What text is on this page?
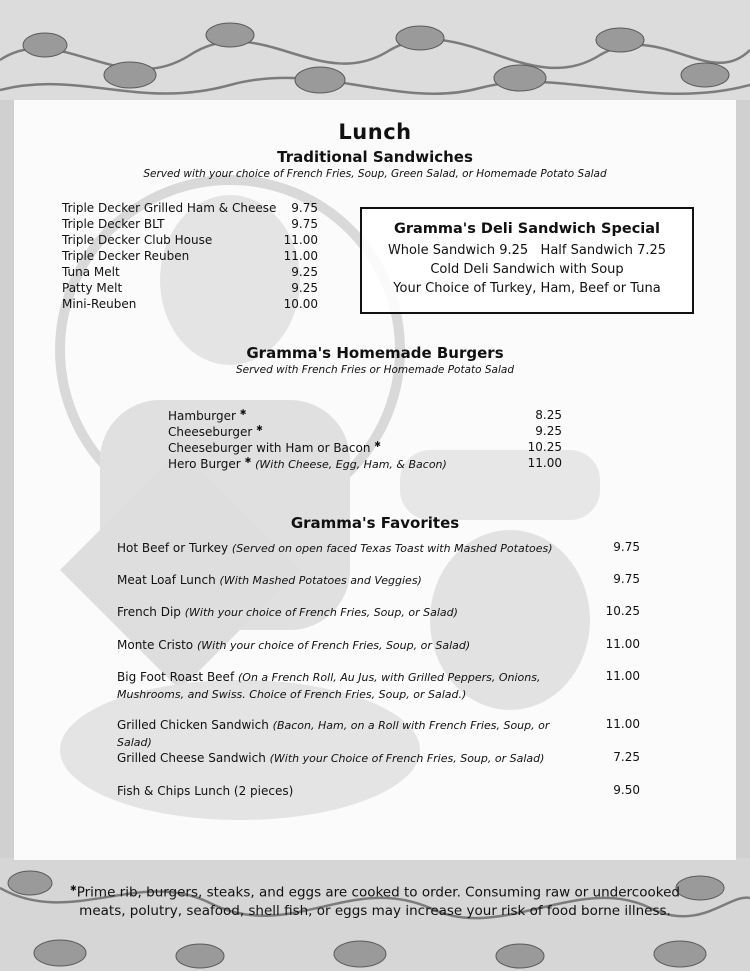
Lunch
Traditional Sandwiches
Served with your choice of French Fries, Soup, Green Salad, or Homemade Potato Salad
Triple Decker Grilled Ham & Cheese	9.75
Triple Decker BLT	9.75
Triple Decker Club House	11.00
Triple Decker Reuben	11.00
Tuna Melt	9.25
Patty Melt	9.25
Mini-Reuben	10.00
Gramma's Deli Sandwich Special
Whole Sandwich 9.25   Half Sandwich 7.25
Cold Deli Sandwich with Soup
Your Choice of Turkey, Ham, Beef or Tuna
Gramma's Homemade Burgers
Served with French Fries or Homemade Potato Salad
Hamburger ✱	8.25
Cheeseburger ✱	9.25
Cheeseburger with Ham or Bacon ✱	10.25
Hero Burger ✱ (With Cheese, Egg, Ham, & Bacon)	11.00
Gramma's Favorites
Hot Beef or Turkey (Served on open faced Texas Toast with Mashed Potatoes)	9.75
Meat Loaf Lunch (With Mashed Potatoes and Veggies)	9.75
French Dip (With your choice of French Fries, Soup, or Salad)	10.25
Monte Cristo (With your choice of French Fries, Soup, or Salad)	11.00
Big Foot Roast Beef (On a French Roll, Au Jus, with Grilled Peppers, Onions, Mushrooms, and Swiss. Choice of French Fries, Soup, or Salad.)
11.00
Grilled Chicken Sandwich (Bacon, Ham, on a Roll with French Fries, Soup, or Salad)
11.00
Grilled Cheese Sandwich (With your Choice of French Fries, Soup, or Salad)	7.25
Fish & Chips Lunch (2 pieces)	9.50
✱Prime rib, burgers, steaks, and eggs are cooked to order. Consuming raw or undercooked
meats, polutry, seafood, shell fish, or eggs may increase your risk of food borne illness.
